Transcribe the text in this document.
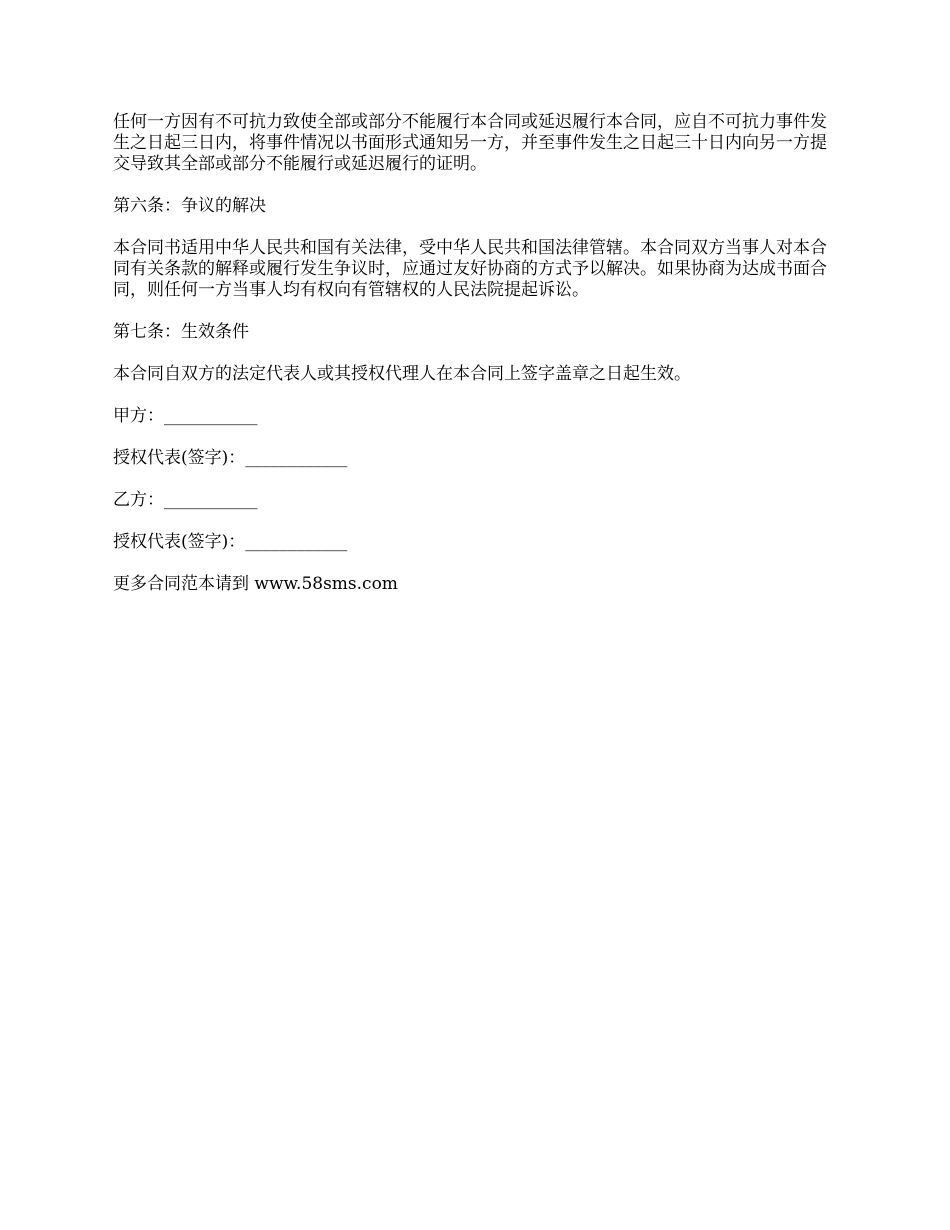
任何一方因有不可抗力致使全部或部分不能履行本合同或延迟履行本合同，应自不可抗力事件发生之日起三日内，将事件情况以书面形式通知另一方，并至事件发生之日起三十日内向另一方提交导致其全部或部分不能履行或延迟履行的证明。

第六条：争议的解决

本合同书适用中华人民共和国有关法律，受中华人民共和国法律管辖。本合同双方当事人对本合同有关条款的解释或履行发生争议时，应通过友好协商的方式予以解决。如果协商为达成书面合同，则任何一方当事人均有权向有管辖权的人民法院提起诉讼。

第七条：生效条件

本合同自双方的法定代表人或其授权代理人在本合同上签字盖章之日起生效。

甲方：___________

授权代表(签字)：____________

乙方：___________

授权代表(签字)：____________

更多合同范本请到 www.58sms.com
